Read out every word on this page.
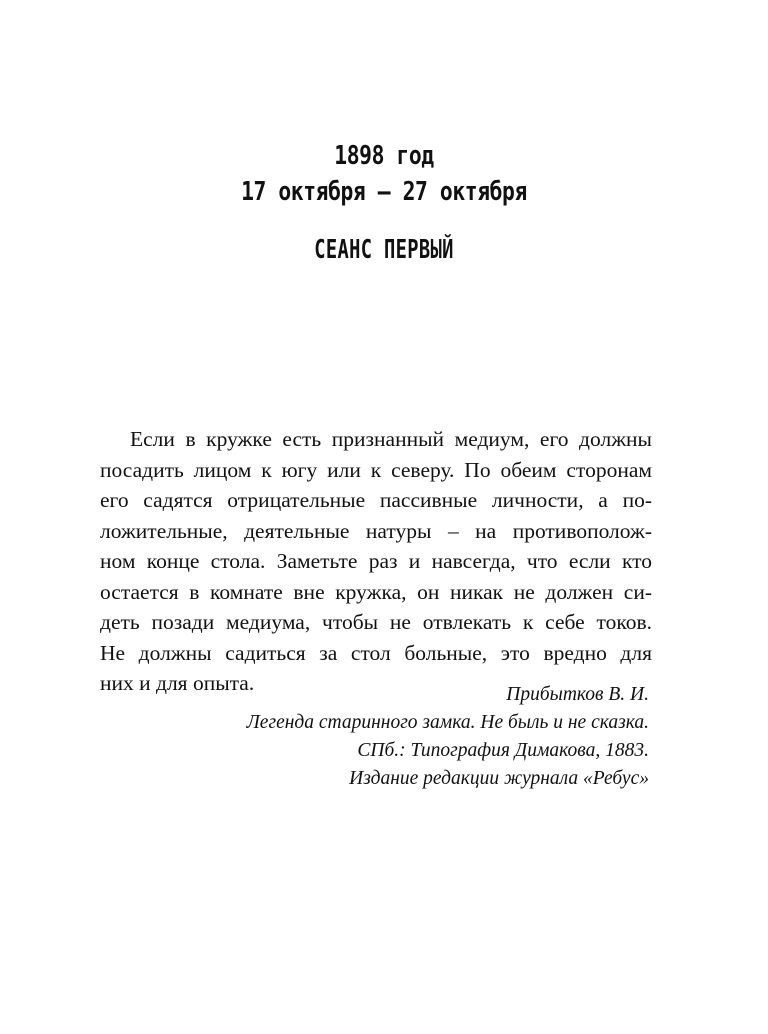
1898 год
17 октября – 27 октября
СЕАНС ПЕРВЫЙ
Если в кружке есть признанный медиум, его должны
посадить лицом к югу или к северу. По обеим сторонам
его садятся отрицательные пассивные личности, а по-
ложительные, деятельные натуры – на противополож-
ном конце стола. Заметьте раз и навсегда, что если кто
остается в комнате вне кружка, он никак не должен си-
деть позади медиума, чтобы не отвлекать к себе токов.
Не должны садиться за стол больные, это вредно для
них и для опыта.	Прибытков В. И.
Легенда старинного замка. Не быль и не сказка.
СПб.: Типография Димакова, 1883.
Издание редакции журнала «Ребус»
